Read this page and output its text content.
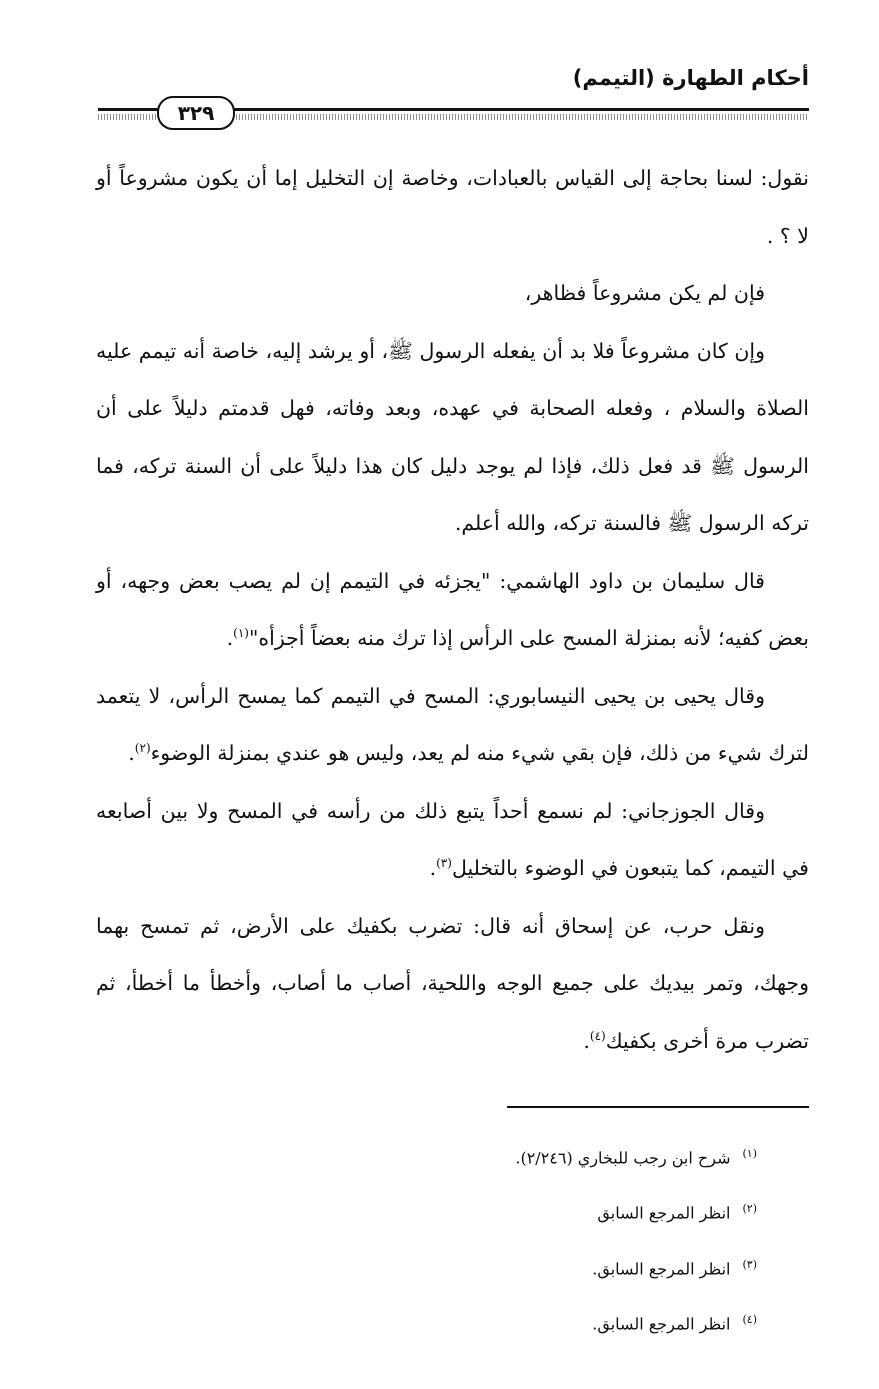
أحكام الطهارة (التيمم)
٣٢٩

نقول: لسنا بحاجة إلى القياس بالعبادات، وخاصة إن التخليل إما أن يكون مشروعاً أو لا ؟ .

فإن لم يكن مشروعاً فظاهر،

وإن كان مشروعاً فلا بد أن يفعله الرسول ﷺ، أو يرشد إليه، خاصة أنه تيمم عليه الصلاة والسلام ، وفعله الصحابة في عهده، وبعد وفاته، فهل قدمتم دليلاً على أن الرسول ﷺ قد فعل ذلك، فإذا لم يوجد دليل كان هذا دليلاً على أن السنة تركه، فما تركه الرسول ﷺ فالسنة تركه، والله أعلم.

قال سليمان بن داود الهاشمي: "يجزئه في التيمم إن لم يصب بعض وجهه، أو بعض كفيه؛ لأنه بمنزلة المسح على الرأس إذا ترك منه بعضاً أجزأه"$^{(١)}$.

وقال يحيى بن يحيى النيسابوري: المسح في التيمم كما يمسح الرأس، لا يتعمد لترك شيء من ذلك، فإن بقي شيء منه لم يعد، وليس هو عندي بمنزلة الوضوء$^{(٢)}$.

وقال الجوزجاني: لم نسمع أحداً يتبع ذلك من رأسه في المسح ولا بين أصابعه في التيمم، كما يتبعون في الوضوء بالتخليل$^{(٣)}$.

ونقل حرب، عن إسحاق أنه قال: تضرب بكفيك على الأرض، ثم تمسح بهما وجهك، وتمر بيديك على جميع الوجه واللحية، أصاب ما أصاب، وأخطأ ما أخطأ، ثم تضرب مرة أخرى بكفيك$^{(٤)}$.

$^{(١)}$شرح ابن رجب للبخاري (٢/٢٤٦).

$^{(٢)}$انظر المرجع السابق

$^{(٣)}$انظر المرجع السابق.

$^{(٤)}$انظر المرجع السابق.
